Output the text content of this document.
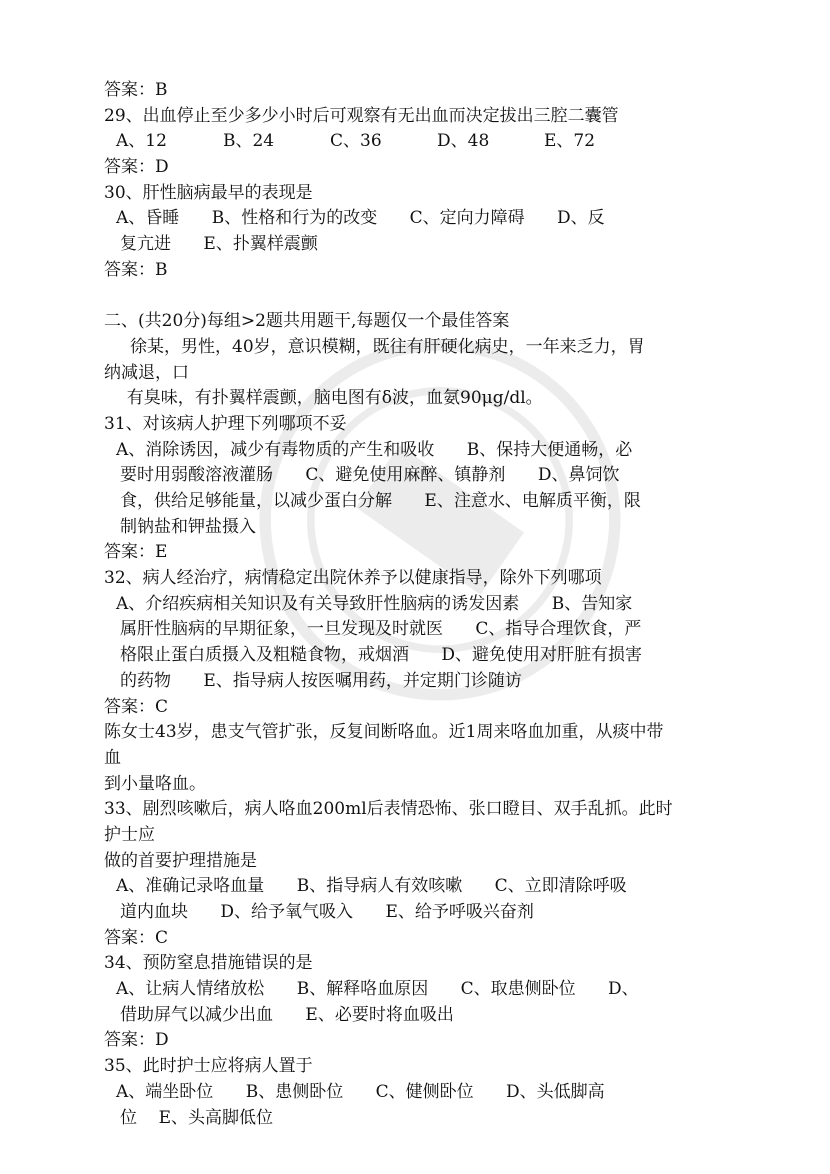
答案：B
29、出血停止至少多少小时后可观察有无出血而决定拔出三腔二囊管
A、12	B、24	C、36	D、48	E、72
答案：D
30、肝性脑病最早的表现是
A、昏睡      B、性格和行为的改变      C、定向力障碍      D、反
复亢进      E、扑翼样震颤
答案：B
二、(共20分)每组>2题共用题干,每题仅一个最佳答案
徐某，男性，40岁，意识模糊，既往有肝硬化病史，一年来乏力，胃
纳减退，口
有臭味，有扑翼样震颤，脑电图有δ波，血氨90μg/dl。
31、对该病人护理下列哪项不妥
A、消除诱因，减少有毒物质的产生和吸收      B、保持大便通畅，必
要时用弱酸溶液灌肠      C、避免使用麻醉、镇静剂      D、鼻饲饮
食，供给足够能量，以减少蛋白分解      E、注意水、电解质平衡，限
制钠盐和钾盐摄入
答案：E
32、病人经治疗，病情稳定出院休养予以健康指导，除外下列哪项
A、介绍疾病相关知识及有关导致肝性脑病的诱发因素      B、告知家
属肝性脑病的早期征象，一旦发现及时就医      C、指导合理饮食，严
格限止蛋白质摄入及粗糙食物，戒烟酒      D、避免使用对肝脏有损害
的药物      E、指导病人按医嘱用药，并定期门诊随访
答案：C
陈女士43岁，患支气管扩张，反复间断咯血。近1周来咯血加重，从痰中带
血
到小量咯血。
33、剧烈咳嗽后，病人咯血200ml后表情恐怖、张口瞪目、双手乱抓。此时
护士应
做的首要护理措施是
A、准确记录咯血量      B、指导病人有效咳嗽      C、立即清除呼吸
道内血块      D、给予氧气吸入      E、给予呼吸兴奋剂
答案：C
34、预防窒息措施错误的是
A、让病人情绪放松      B、解释咯血原因      C、取患侧卧位      D、
借助屏气以减少出血      E、必要时将血吸出
答案：D
35、此时护士应将病人置于
A、端坐卧位      B、患侧卧位      C、健侧卧位      D、头低脚高
位    E、头高脚低位
